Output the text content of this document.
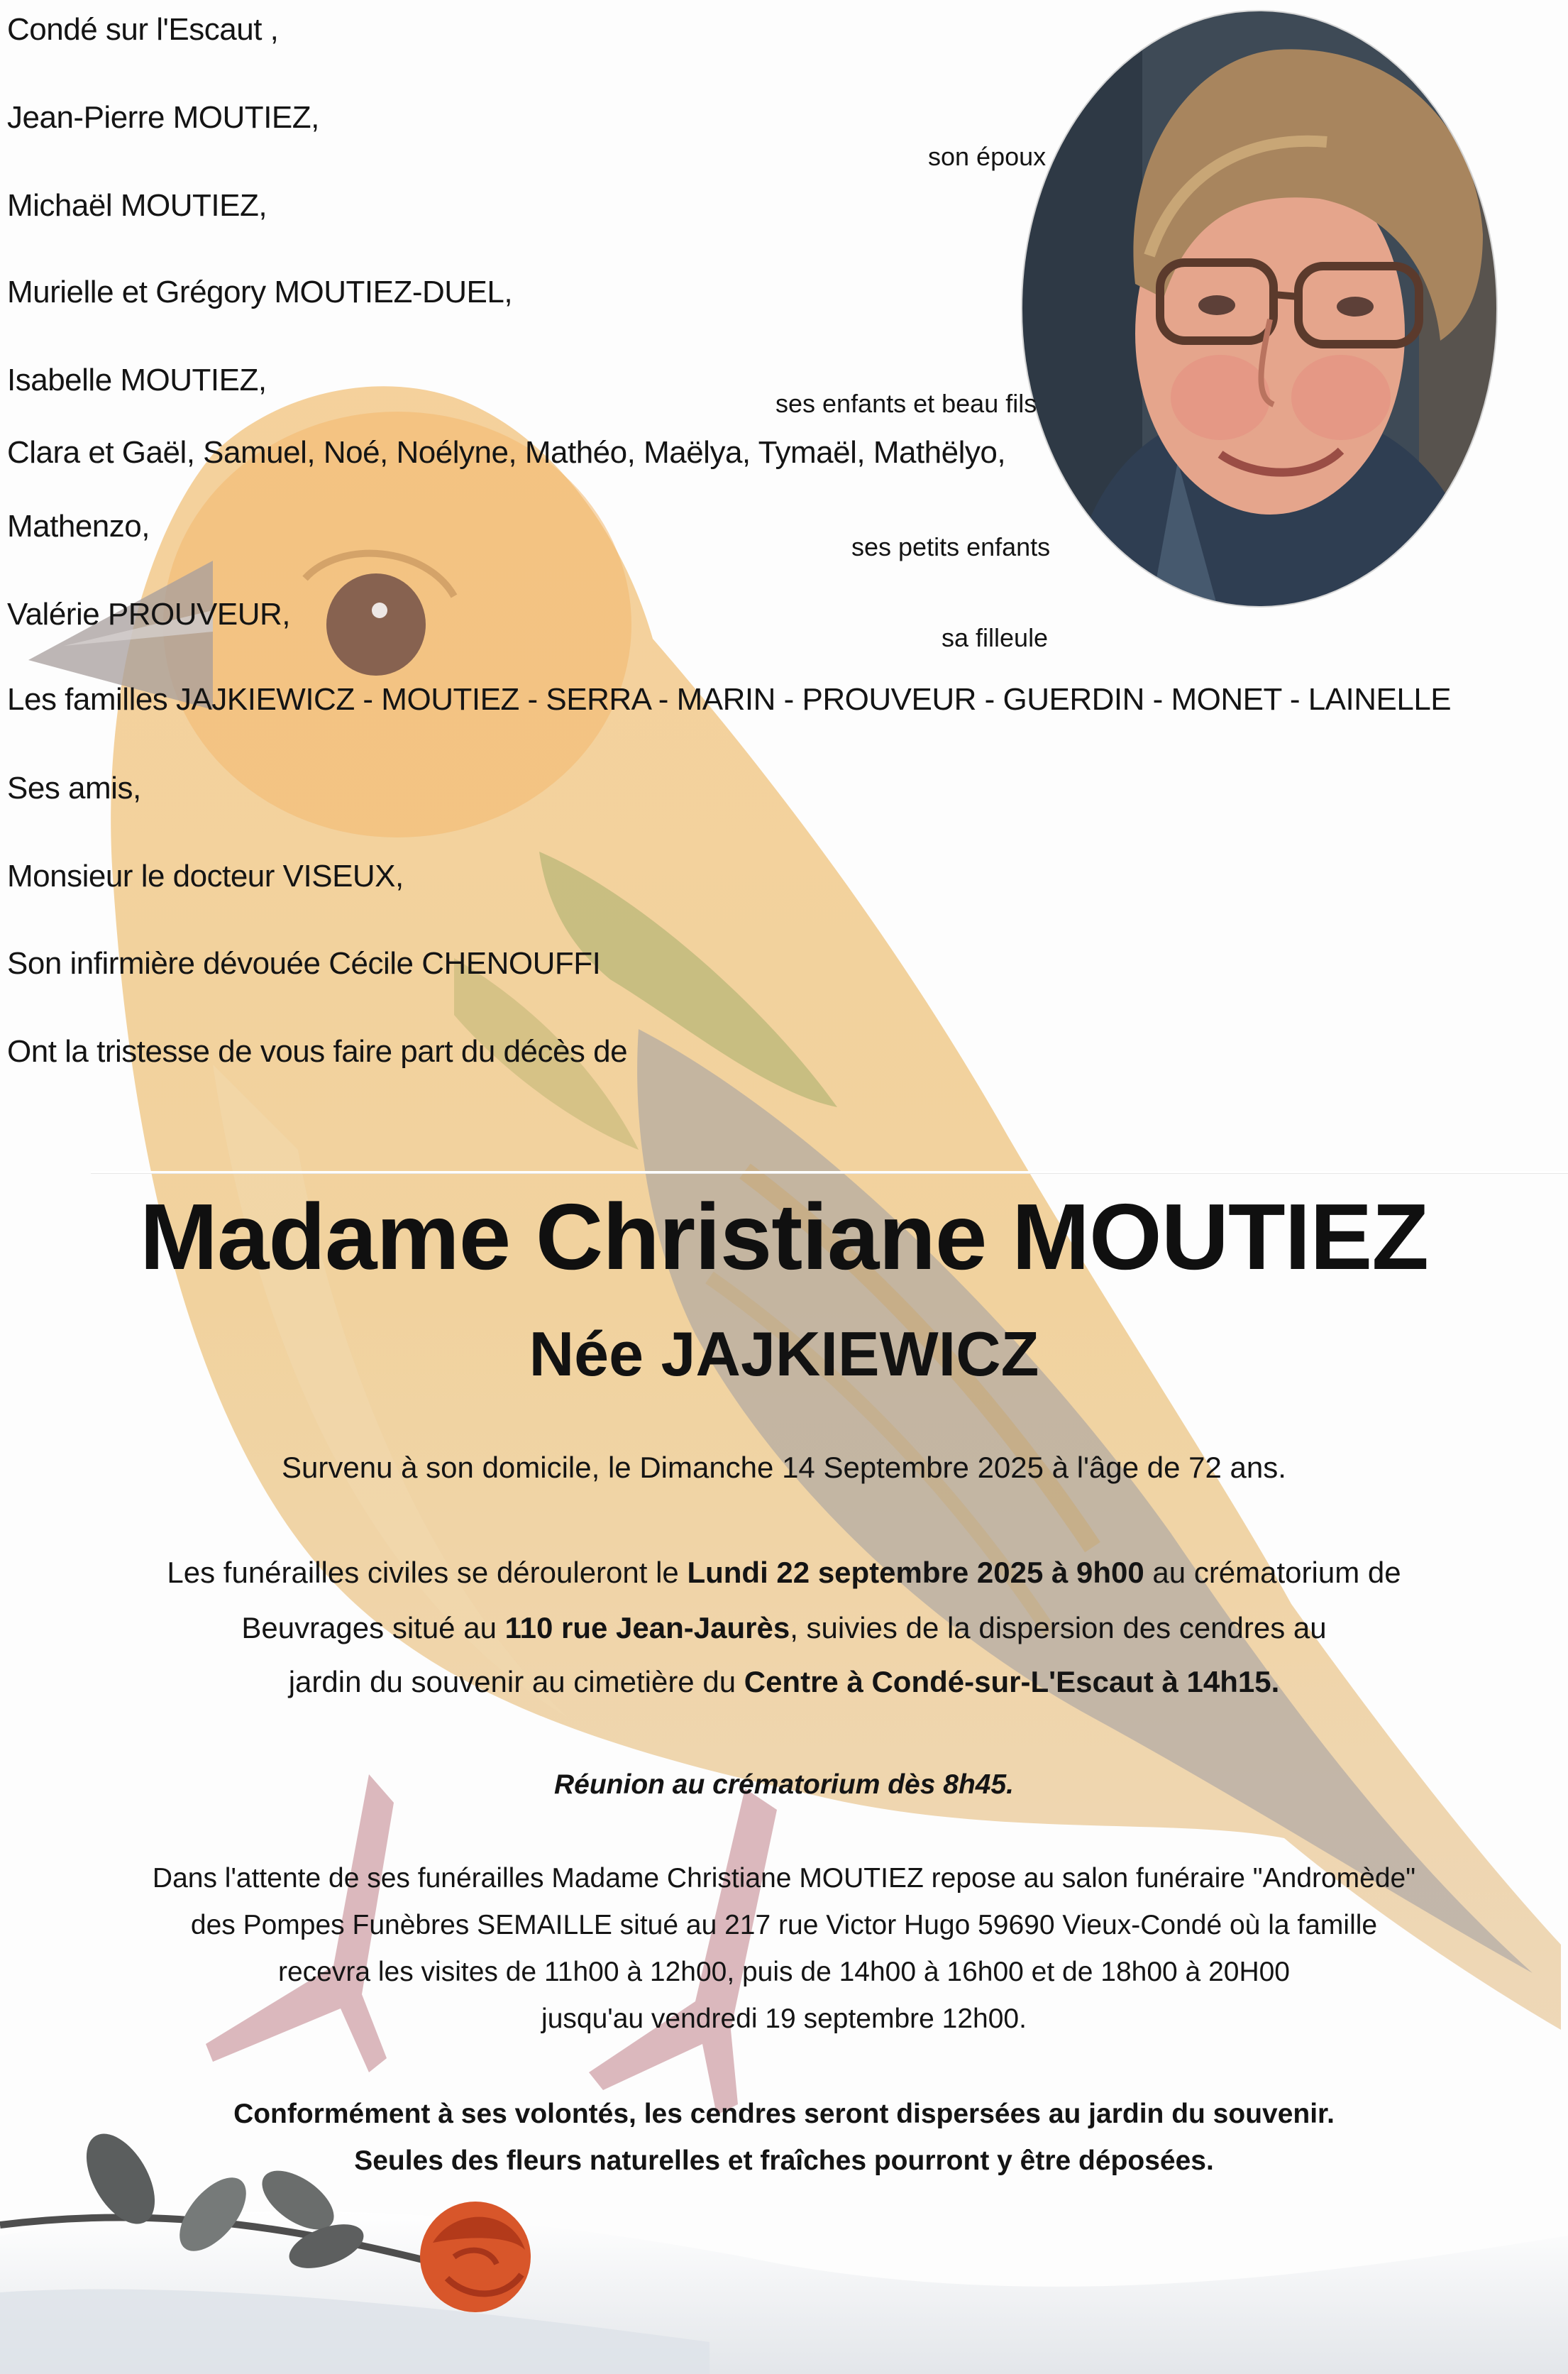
Condé sur l'Escaut ,
Jean-Pierre MOUTIEZ,
Michaël MOUTIEZ,
Murielle et Grégory MOUTIEZ-DUEL,
Isabelle MOUTIEZ,
Clara et Gaël, Samuel, Noé, Noélyne, Mathéo, Maëlya, Tymaël, Mathëlyo,
Mathenzo,
Valérie PROUVEUR,
Les familles JAJKIEWICZ - MOUTIEZ - SERRA - MARIN - PROUVEUR - GUERDIN - MONET - LAINELLE
Ses amis,
Monsieur le docteur VISEUX,
Son infirmière dévouée Cécile CHENOUFFI
Ont la tristesse de vous faire part du décès de
son époux
ses enfants et beau fils
ses petits enfants
sa filleule
Madame Christiane MOUTIEZ
Née JAJKIEWICZ
Survenu à son domicile, le Dimanche 14 Septembre 2025 à l'âge de 72 ans.
Les funérailles civiles se dérouleront le Lundi 22 septembre 2025 à 9h00 au crématorium de
Beuvrages situé au 110 rue Jean-Jaurès, suivies de la dispersion des cendres au
jardin du souvenir au cimetière du Centre à Condé-sur-L'Escaut à 14h15.
Réunion au crématorium dès 8h45.
Dans l'attente de ses funérailles Madame Christiane MOUTIEZ repose au salon funéraire "Andromède"
des Pompes Funèbres SEMAILLE situé au 217 rue Victor Hugo 59690 Vieux-Condé où la famille
recevra les visites de 11h00 à 12h00, puis de 14h00 à 16h00 et de 18h00 à 20H00
jusqu'au vendredi 19 septembre 12h00.
Conformément à ses volontés, les cendres seront dispersées au jardin du souvenir.
Seules des fleurs naturelles et fraîches pourront y être déposées.
